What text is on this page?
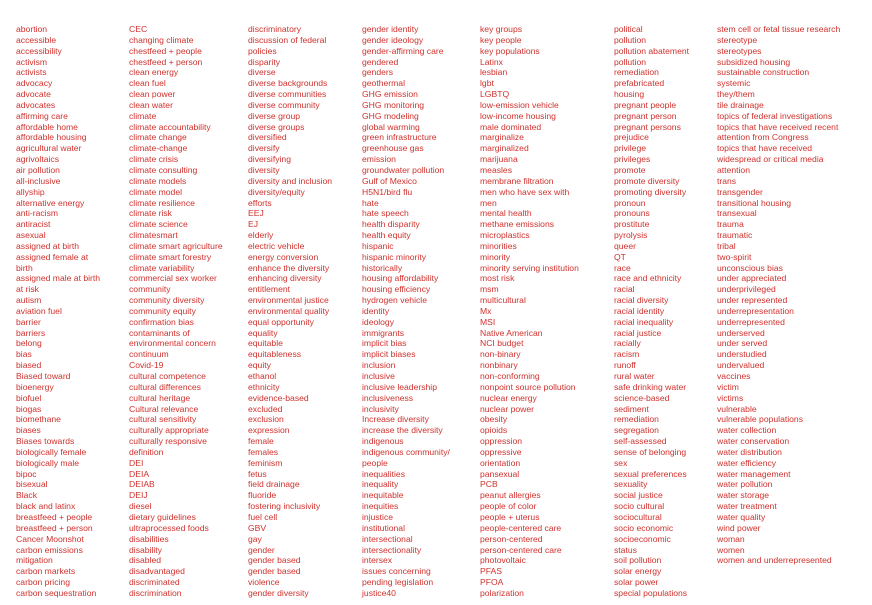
abortion
accessible
accessibility
activism
activists
advocacy
advocate
advocates
affirming care
affordable home
affordable housing
agricultural water
agrivoltaics
air pollution
all-inclusive
allyship
alternative energy
anti-racism
antiracist
asexual
assigned at birth
assigned female at
birth
assigned male at birth
at risk
autism
aviation fuel
barrier
barriers
belong
bias
biased
Biased toward
bioenergy
biofuel
biogas
biomethane
biases
Biases towards
biologically female
biologically male
bipoc
bisexual
Black
black and latinx
breastfeed + people
breastfeed + person
Cancer Moonshot
carbon emissions
mitigation
carbon markets
carbon pricing
carbon sequestration
CEC
changing climate
chestfeed + people
chestfeed + person
clean energy
clean fuel
clean power
clean water
climate
climate accountability
climate change
climate-change
climate crisis
climate consulting
climate models
climate model
climate resilience
climate risk
climate science
climatesmart
climate smart agriculture
climate smart forestry
climate variability
commercial sex worker
community
community diversity
community equity
confirmation bias
contaminants of
environmental concern
continuum
Covid-19
cultural competence
cultural differences
cultural heritage
Cultural relevance
cultural sensitivity
culturally appropriate
culturally responsive
definition
DEI
DEIA
DEIAB
DEIJ
diesel
dietary guidelines
ultraprocessed foods
disabilities
disability
disabled
disadvantaged
discriminated
discrimination
discriminatory
discussion of federal
policies
disparity
diverse
diverse backgrounds
diverse communities
diverse community
diverse group
diverse groups
diversified
diversify
diversifying
diversity
diversity and inclusion
diversity/equity
efforts
EEJ
EJ
elderly
electric vehicle
energy conversion
enhance the diversity
enhancing diversity
entitlement
environmental justice
environmental quality
equal opportunity
equality
equitable
equitableness
equity
ethanol
ethnicity
evidence-based
excluded
exclusion
expression
female
females
feminism
fetus
field drainage
fluoride
fostering inclusivity
fuel cell
GBV
gay
gender
gender based
gender based
violence
gender diversity
gender identity
gender ideology
gender-affirming care
gendered
genders
geothermal
GHG emission
GHG monitoring
GHG modeling
global warming
green infrastructure
greenhouse gas
emission
groundwater pollution
Gulf of Mexico
H5N1/bird flu
hate
hate speech
health disparity
health equity
hispanic
hispanic minority
historically
housing affordability
housing efficiency
hydrogen vehicle
identity
ideology
immigrants
implicit bias
implicit biases
inclusion
inclusive
inclusive leadership
inclusiveness
inclusivity
Increase diversity
increase the diversity
indigenous
indigenous community/
people
inequalities
inequality
inequitable
inequities
injustice
institutional
intersectional
intersectionality
intersex
issues concerning
pending legislation
justice40
key groups
key people
key populations
Latinx
lesbian
lgbt
LGBTQ
low-emission vehicle
low-income housing
male dominated
marginalize
marginalized
marijuana
measles
membrane filtration
men who have sex with
men
mental health
methane emissions
microplastics
minorities
minority
minority serving institution
most risk
msm
multicultural
Mx
MSI
Native American
NCI budget
non-binary
nonbinary
non-conforming
nonpoint source pollution
nuclear energy
nuclear power
obesity
opioids
oppression
oppressive
orientation
pansexual
PCB
peanut allergies
people of color
people + uterus
people-centered care
person-centered
person-centered care
photovoltaic
PFAS
PFOA
polarization
political
pollution
pollution abatement
pollution
remediation
prefabricated
housing
pregnant people
pregnant person
pregnant persons
prejudice
privilege
privileges
promote
promote diversity
promoting diversity
pronoun
pronouns
prostitute
pyrolysis
queer
QT
race
race and ethnicity
racial
racial diversity
racial identity
racial inequality
racial justice
racially
racism
runoff
rural water
safe drinking water
science-based
sediment
remediation
segregation
self-assessed
sense of belonging
sex
sexual preferences
sexuality
social justice
socio cultural
sociocultural
socio economic
socioeconomic
status
soil pollution
solar energy
solar power
special populations
stem cell or fetal tissue research
stereotype
stereotypes
subsidized housing
sustainable construction
systemic
they/them
tile drainage
topics of federal investigations
topics that have received recent
attention from Congress
topics that have received
widespread or critical media
attention
trans
transgender
transitional housing
transexual
trauma
traumatic
tribal
two-spirit
unconscious bias
under appreciated
underprivileged
under represented
underrepresentation
underrepresented
underserved
under served
understudied
undervalued
vaccines
victim
victims
vulnerable
vulnerable populations
water collection
water conservation
water distribution
water efficiency
water management
water pollution
water storage
water treatment
water quality
wind power
woman
women
women and underrepresented
